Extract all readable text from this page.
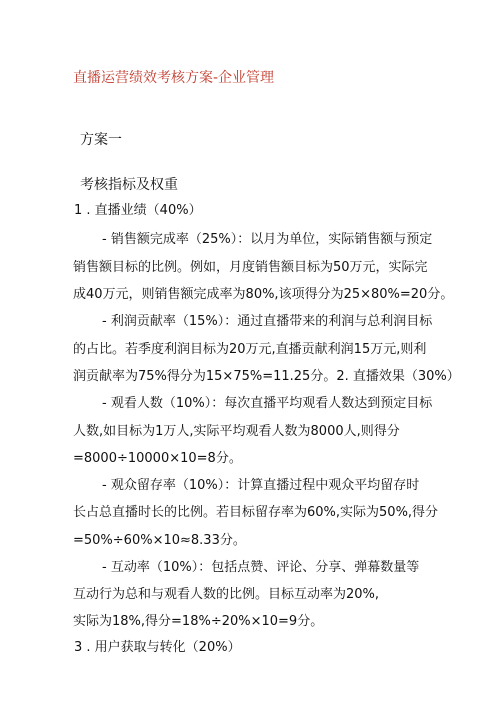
直播运营绩效考核方案-企业管理
方案一
考核指标及权重
1 . 直播业绩（40%）
- 销售额完成率（25%）：以月为单位，实际销售额与预定
销售额目标的比例。例如，月度销售额目标为50万元，实际完
成40万元，则销售额完成率为80%,该项得分为25×80%=20分。
- 利润贡献率（15%）：通过直播带来的利润与总利润目标
的占比。若季度利润目标为20万元,直播贡献利润15万元,则利
润贡献率为75%得分为15×75%=11.25分。2. 直播效果（30%）
- 观看人数（10%）：每次直播平均观看人数达到预定目标
人数,如目标为1万人,实际平均观看人数为8000人,则得分
=8000÷10000×10=8分。
- 观众留存率（10%）：计算直播过程中观众平均留存时
长占总直播时长的比例。若目标留存率为60%,实际为50%,得分
=50%÷60%×10≈8.33分。
- 互动率（10%）：包括点赞、评论、分享、弹幕数量等
互动行为总和与观看人数的比例。目标互动率为20%,
实际为18%,得分=18%÷20%×10=9分。
3 . 用户获取与转化（20%）
